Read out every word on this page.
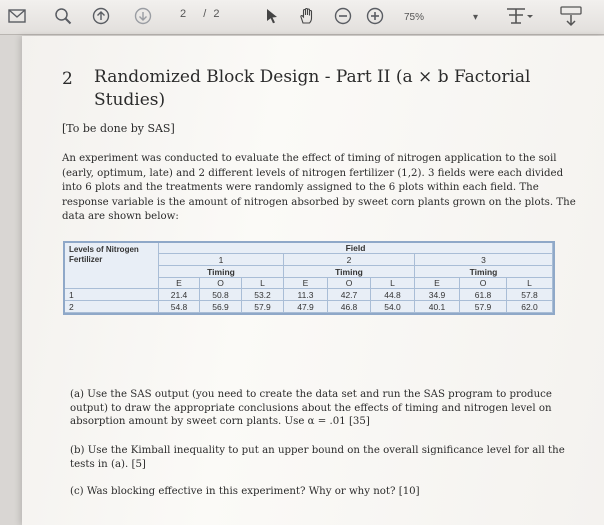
2 / 2	75%	▾
2 Randomized Block Design - Part II (a × b Factorial Studies)
[To be done by SAS]

An experiment was conducted to evaluate the effect of timing of nitrogen application to the soil (early, optimum, late) and 2 different levels of nitrogen fertilizer (1,2). 3 fields were each divided into 6 plots and the treatments were randomly assigned to the 6 plots within each field. The response variable is the amount of nitrogen absorbed by sweet corn plants grown on the plots. The data are shown below:

Levels of Nitrogen Fertilizer
Field
1	2	3
Timing	Timing	Timing
E	O	L	E	O	L	E	O	L
1	21.4	50.8	53.2	11.3	42.7	44.8	34.9	61.8	57.8
2	54.8	56.9	57.9	47.9	46.8	54.0	40.1	57.9	62.0

(a) Use the SAS output (you need to create the data set and run the SAS program to produce output) to draw the appropriate conclusions about the effects of timing and nitrogen level on absorption amount by sweet corn plants. Use α = .01 [35]

(b) Use the Kimball inequality to put an upper bound on the overall significance level for all the tests in (a). [5]

(c) Was blocking effective in this experiment? Why or why not? [10]
